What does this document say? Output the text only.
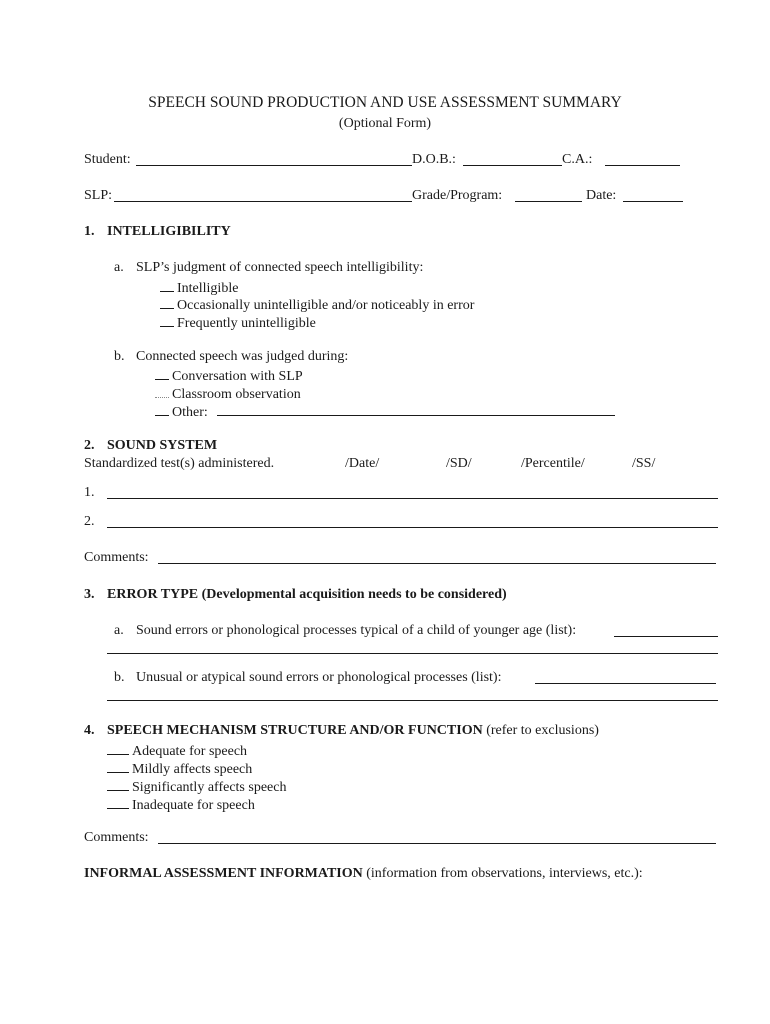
SPEECH SOUND PRODUCTION AND USE ASSESSMENT SUMMARY
(Optional Form)
Student:	D.O.B.:	C.A.:
SLP:	Grade/Program:	Date:
1. INTELLIGIBILITY
a. SLP’s judgment of connected speech intelligibility:
Intelligible
Occasionally unintelligible and/or noticeably in error
Frequently unintelligible
b. Connected speech was judged during:
Conversation with SLP
Classroom observation
Other:
2. SOUND SYSTEM
Standardized test(s) administered.	/Date/	/SD/	/Percentile/	/SS/
1.
2.
Comments:
3. ERROR TYPE (Developmental acquisition needs to be considered)
a. Sound errors or phonological processes typical of a child of younger age (list):
b. Unusual or atypical sound errors or phonological processes (list):
4. SPEECH MECHANISM STRUCTURE AND/OR FUNCTION (refer to exclusions)
Adequate for speech
Mildly affects speech
Significantly affects speech
Inadequate for speech
Comments:
INFORMAL ASSESSMENT INFORMATION (information from observations, interviews, etc.):
